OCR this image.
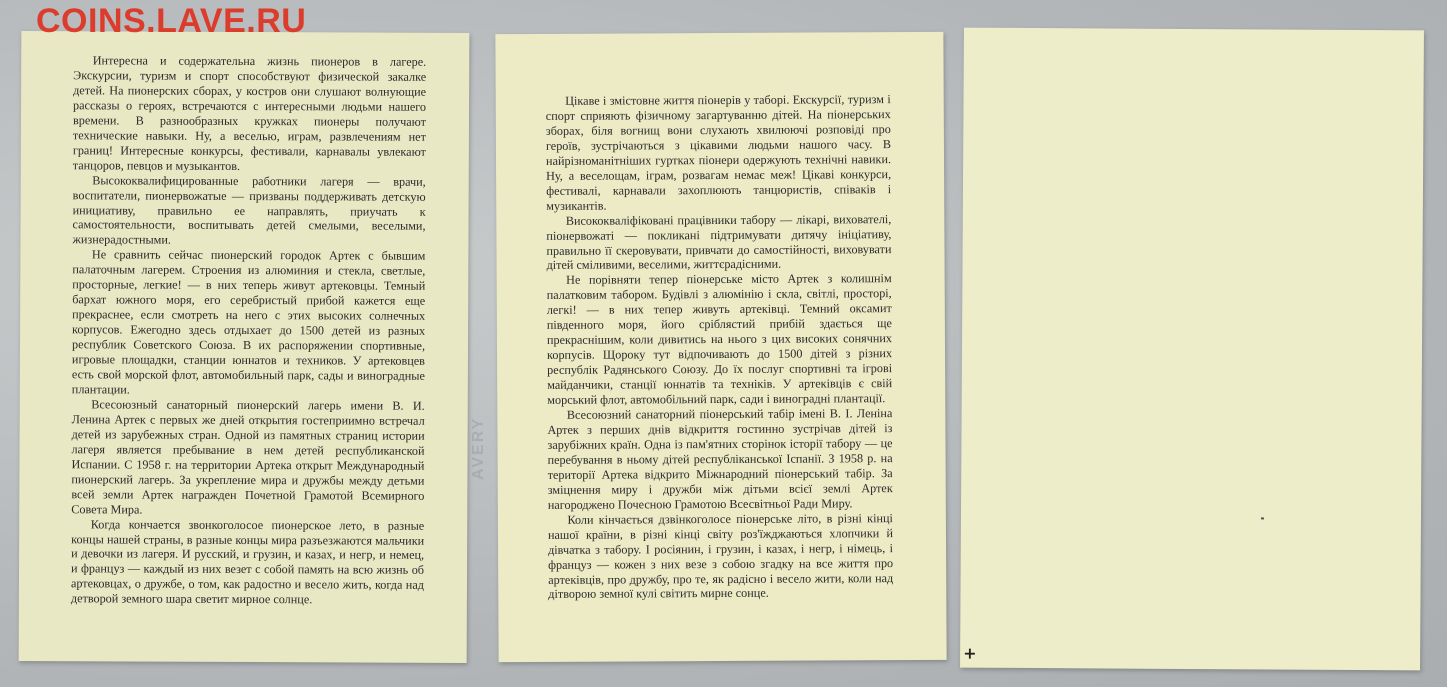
AVERY
COINS.LAVE.RU

Интересна и содержательна жизнь пионеров в лагере. Экскурсии, туризм и спорт способствуют физической закалке детей. На пионерских сборах, у костров они слушают волнующие рассказы о героях, встречаются с интересными людьми нашего времени. В разнообразных кружках пионеры получают технические навыки. Ну, а веселью, играм, развлечениям нет границ! Интересные конкурсы, фестивали, карнавалы увлекают танцоров, певцов и музыкантов.

Высококвалифицированные работники лагеря — врачи, воспитатели, пионервожатые — призваны поддерживать детскую инициативу, правильно ее направлять, приучать к самостоятельности, воспитывать детей смелыми, веселыми, жизнерадостными.

Не сравнить сейчас пионерский городок Артек с бывшим палаточным лагерем. Строения из алюминия и стекла, светлые, просторные, легкие! — в них теперь живут артековцы. Темный бархат южного моря, его серебристый прибой кажется еще прекраснее, если смотреть на него с этих высоких солнечных корпусов. Ежегодно здесь отдыхает до 1500 детей из разных республик Советского Союза. В их распоряжении спортивные, игровые площадки, станции юннатов и техников. У артековцев есть свой морской флот, автомобильный парк, сады и виноградные плантации.

Всесоюзный санаторный пионерский лагерь имени В. И. Ленина Артек с первых же дней открытия гостеприимно встречал детей из зарубежных стран. Одной из памятных страниц истории лагеря является пребывание в нем детей республиканской Испании. С 1958 г. на территории Артека открыт Международный пионерский лагерь. За укрепление мира и дружбы между детьми всей земли Артек награжден Почетной Грамотой Всемирного Совета Мира.

Когда кончается звонкоголосое пионерское лето, в разные концы нашей страны, в разные концы мира разъезжаются мальчики и девочки из лагеря. И русский, и грузин, и казах, и негр, и немец, и француз — каждый из них везет с собой память на всю жизнь об артековцах, о дружбе, о том, как радостно и весело жить, когда над детворой земного шара светит мирное солнце.

Цікаве і змістовне життя піонерів у таборі. Екскурсії, туризм і спорт сприяють фізичному загартуванню дітей. На піонерських зборах, біля вогнищ вони слухають хвилюючі розповіді про героїв, зустрічаються з цікавими людьми нашого часу. В найрізноманітніших гуртках піонери одержують технічні навики. Ну, а веселощам, іграм, розвагам немає меж! Цікаві конкурси, фестивалі, карнавали захоплюють танцюристів, співаків і музикантів.

Висококваліфіковані працівники табору — лікарі, вихователі, піонервожаті — покликані підтримувати дитячу ініціативу, правильно її скеровувати, привчати до самостійності, виховувати дітей сміливими, веселими, життєрадісними.

Не порівняти тепер піонерське місто Артек з колишнім палатковим табором. Будівлі з алюмінію і скла, світлі, просторі, легкі! — в них тепер живуть артеківці. Темний оксамит південного моря, його сріблястий прибій здається ще прекраснішим, коли дивитись на нього з цих високих сонячних корпусів. Щороку тут відпочивають до 1500 дітей з різних республік Радянського Союзу. До їх послуг спортивні та ігрові майданчики, станції юннатів та техніків. У артеківців є свій морський флот, автомобільний парк, сади і виноградні плантації.

Всесоюзний санаторний піонерський табір імені В. І. Леніна Артек з перших днів відкриття гостинно зустрічав дітей із зарубіжних країн. Одна із пам'ятних сторінок історії табору — це перебування в ньому дітей республіканської Іспанії. З 1958 р. на території Артека відкрито Міжнародний піонерський табір. За зміцнення миру і дружби між дітьми всієї землі Артек нагороджено Почесною Грамотою Всесвітньої Ради Миру.

Коли кінчається дзвінкоголосе піонерське літо, в різні кінці нашої країни, в різні кінці світу роз'їжджаються хлопчики й дівчатка з табору. І росіянин, і грузин, і казах, і негр, і німець, і француз — кожен з них везе з собою згадку на все життя про артеківців, про дружбу, про те, як радісно і весело жити, коли над дітворою земної кулі світить мирне сонце.

+
